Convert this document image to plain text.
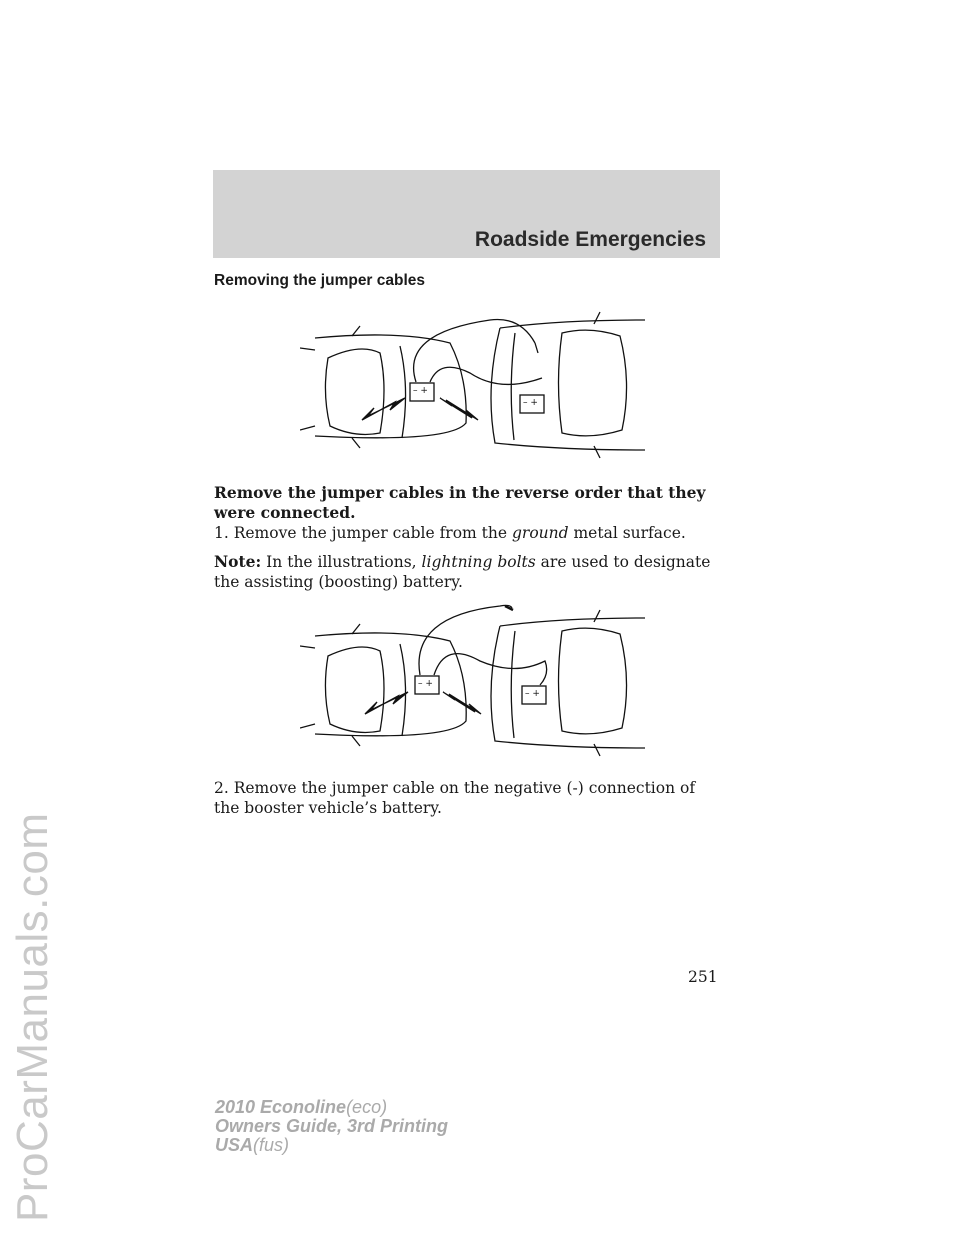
ProCarManuals.com
Roadside Emergencies
Removing the jumper cables
– +
– +

Remove the jumper cables in the reverse order that they were connected.

1. Remove the jumper cable from the ground metal surface.

Note: In the illustrations, lightning bolts are used to designate the assisting (boosting) battery.

– +
– +

2. Remove the jumper cable on the negative (-) connection of the booster vehicle’s battery.

251
2010 Econoline(eco)
Owners Guide, 3rd Printing
USA(fus)
